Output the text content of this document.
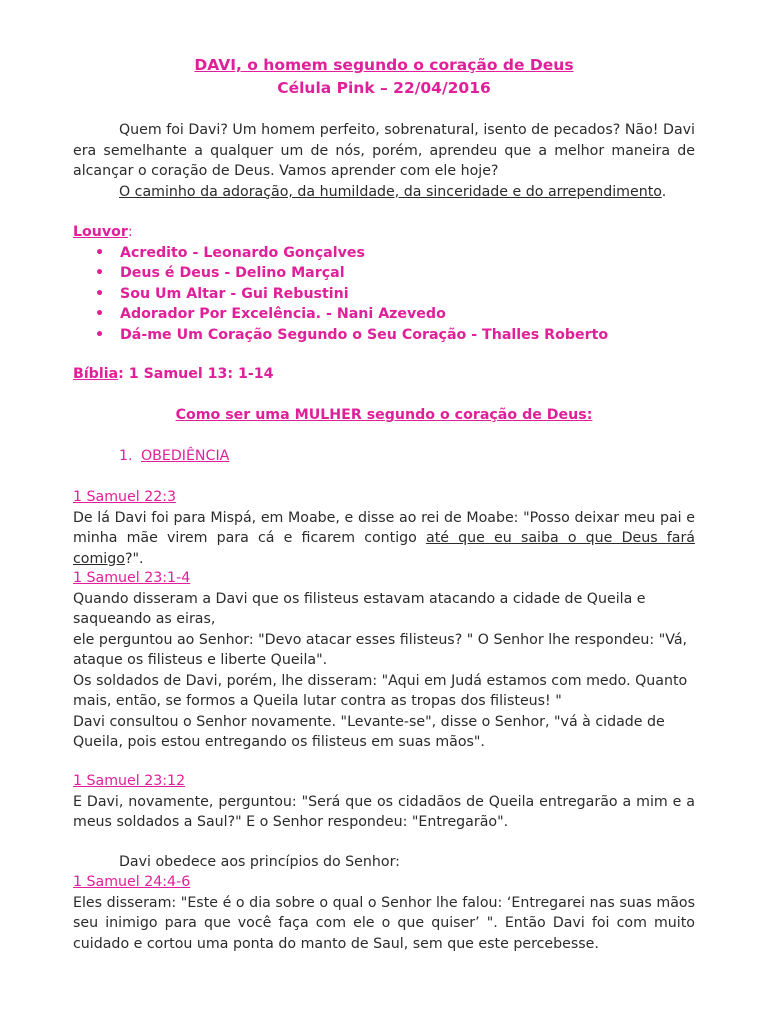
DAVI, o homem segundo o coração de Deus
Célula Pink – 22/04/2016
Quem foi Davi? Um homem perfeito, sobrenatural, isento de pecados? Não! Davi era semelhante a qualquer um de nós, porém, aprendeu que a melhor maneira de alcançar o coração de Deus. Vamos aprender com ele hoje?
O caminho da adoração, da humildade, da sinceridade e do arrependimento.
Louvor:
• Acredito - Leonardo Gonçalves
• Deus é Deus - Delino Marçal
• Sou Um Altar - Gui Rebustini
• Adorador Por Excelência. - Nani Azevedo
• Dá-me Um Coração Segundo o Seu Coração - Thalles Roberto
Bíblia: 1 Samuel 13: 1-14
Como ser uma MULHER segundo o coração de Deus:
1. OBEDIÊNCIA
1 Samuel 22:3
De lá Davi foi para Mispá, em Moabe, e disse ao rei de Moabe: "Posso deixar meu pai e minha mãe virem para cá e ficarem contigo até que eu saiba o que Deus fará comigo?".
1 Samuel 23:1-4
Quando disseram a Davi que os filisteus estavam atacando a cidade de Queila e saqueando as eiras,
ele perguntou ao Senhor: "Devo atacar esses filisteus? " O Senhor lhe respondeu: "Vá, ataque os filisteus e liberte Queila".
Os soldados de Davi, porém, lhe disseram: "Aqui em Judá estamos com medo. Quanto mais, então, se formos a Queila lutar contra as tropas dos filisteus! "
Davi consultou o Senhor novamente. "Levante-se", disse o Senhor, "vá à cidade de Queila, pois estou entregando os filisteus em suas mãos".
1 Samuel 23:12
E Davi, novamente, perguntou: "Será que os cidadãos de Queila entregarão a mim e a meus soldados a Saul?" E o Senhor respondeu: "Entregarão".
Davi obedece aos princípios do Senhor:
1 Samuel 24:4-6
Eles disseram: "Este é o dia sobre o qual o Senhor lhe falou: ‘Entregarei nas suas mãos seu inimigo para que você faça com ele o que quiser’ ". Então Davi foi com muito cuidado e cortou uma ponta do manto de Saul, sem que este percebesse.
